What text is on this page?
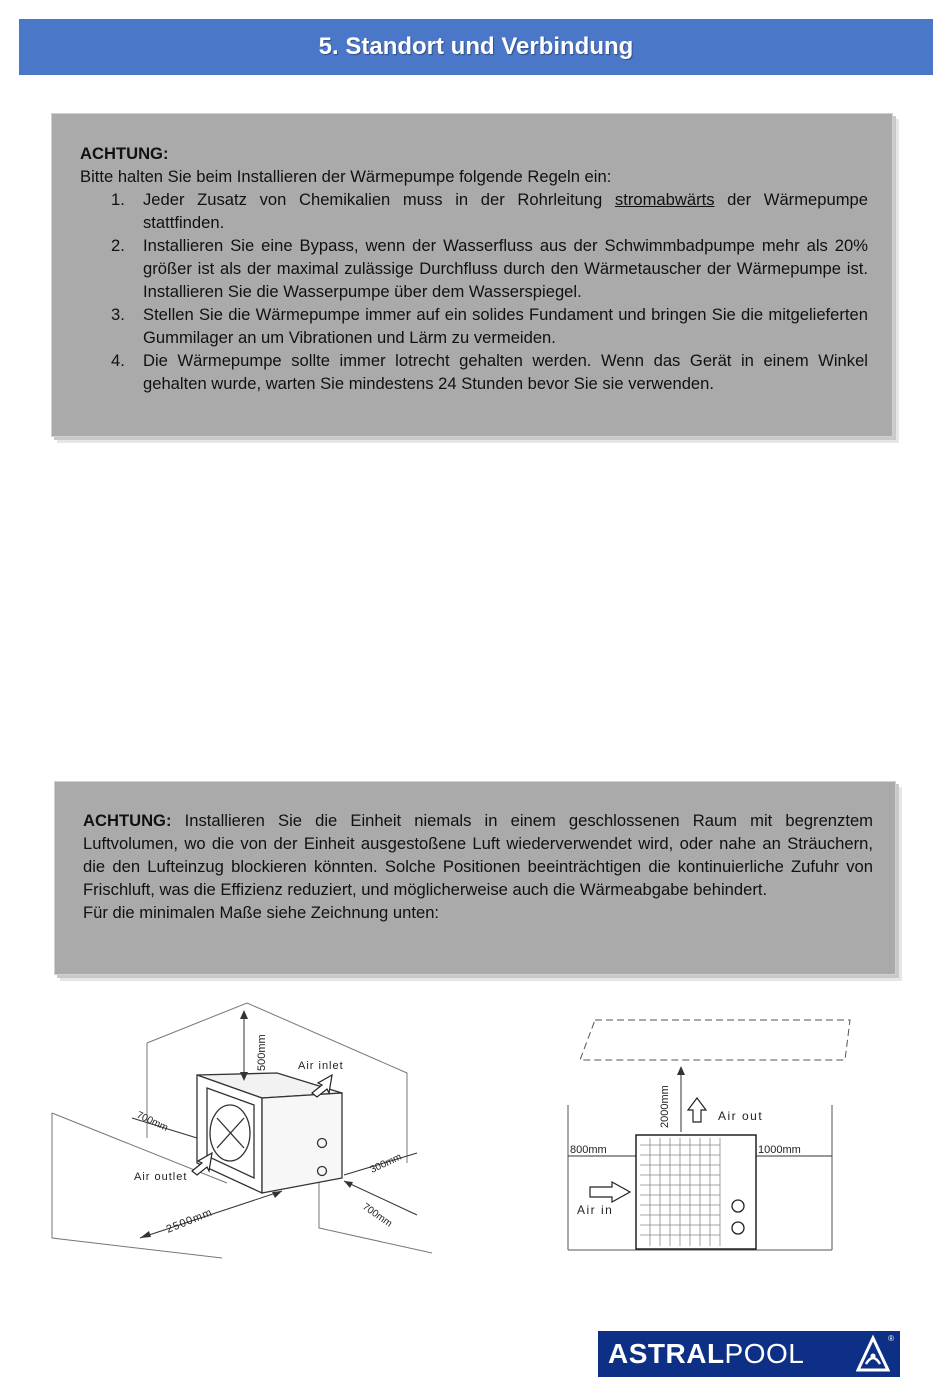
5. Standort und Verbindung

ACHTUNG:

Bitte halten Sie beim Installieren der Wärmepumpe folgende Regeln ein:

1. Jeder Zusatz von Chemikalien muss in der Rohrleitung stromabwärts der Wärmepumpe stattfinden.
2. Installieren Sie eine Bypass, wenn der Wasserfluss aus der Schwimmbadpumpe mehr als 20% größer ist als der maximal zulässige Durchfluss durch den Wärmetauscher der Wärmepumpe ist. Installieren Sie die Wasserpumpe über dem Wasserspiegel.
3. Stellen Sie die Wärmepumpe immer auf ein solides Fundament und bringen Sie die mitgelieferten Gummilager an um Vibrationen und Lärm zu vermeiden.
4. Die Wärmepumpe sollte immer lotrecht gehalten werden. Wenn das Gerät in einem Winkel gehalten wurde, warten Sie mindestens 24 Stunden bevor Sie sie verwenden.

ACHTUNG: Installieren Sie die Einheit niemals in einem geschlossenen Raum mit begrenztem Luftvolumen, wo die von der Einheit ausgestoßene Luft wiederverwendet wird, oder nahe an Sträuchern, die den Lufteinzug blockieren könnten. Solche Positionen beeinträchtigen die kontinuierliche Zufuhr von Frischluft, was die Effizienz reduziert, und möglicherweise auch die Wärmeabgabe behindert.

Für die minimalen Maße siehe Zeichnung unten:

500mm	Air inlet
700mm
Air outlet
300mm
2500mm	700mm
2000mm	Air out
800mm	1000mm
Air in
ASTRALPOOL	®
